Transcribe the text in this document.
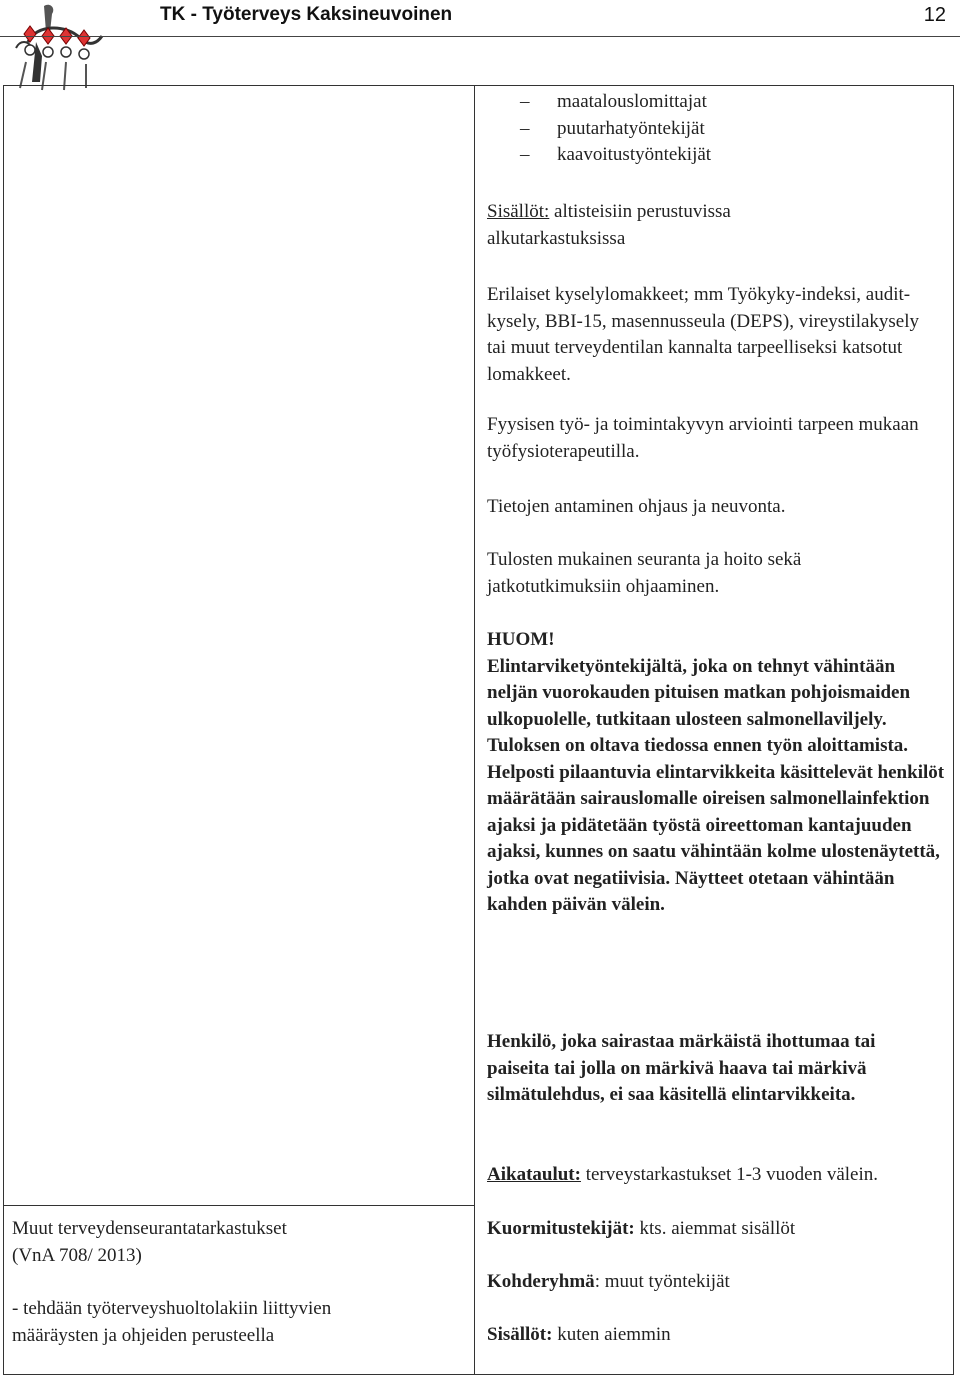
TK - Työterveys Kaksineuvoinen	12

– maatalouslomittajat

– puutarhatyöntekijät

– kaavoitustyöntekijät

Sisällöt: altisteisiin perustuvissa alkutarkastuksissa

Erilaiset kyselylomakkeet; mm Työkyky-indeksi, audit-kysely, BBI-15, masennusseula (DEPS), vireystilakysely tai muut terveydentilan kannalta tarpeelliseksi katsotut lomakkeet.

Fyysisen työ- ja toimintakyvyn arviointi tarpeen mukaan työfysioterapeutilla.

Tietojen antaminen ohjaus ja neuvonta.

Tulosten mukainen seuranta ja hoito sekä jatkotutkimuksiin ohjaaminen.

HUOM!

Elintarviketyöntekijältä, joka on tehnyt vähintään neljän vuorokauden pituisen matkan pohjoismaiden ulkopuolelle, tutkitaan ulosteen salmonellaviljely. Tuloksen on oltava tiedossa ennen työn aloittamista. Helposti pilaantuvia elintarvikkeita käsittelevät henkilöt määrätään sairauslomalle oireisen salmonellainfektion ajaksi ja pidätetään työstä oireettoman kantajuuden ajaksi, kunnes on saatu vähintään kolme ulostenäytettä, jotka ovat negatiivisia. Näytteet otetaan vähintään kahden päivän välein.

Henkilö, joka sairastaa märkäistä ihottumaa tai paiseita tai jolla on märkivä haava tai märkivä silmätulehdus, ei saa käsitellä elintarvikkeita.

Aikataulut: terveystarkastukset 1-3 vuoden välein.

Kuormitustekijät: kts. aiemmat sisällöt

Kohderyhmä: muut työntekijät

Sisällöt: kuten aiemmin

Muut terveydenseurantatarkastukset

(VnA 708/ 2013)

- tehdään työterveyshuoltolakiin liittyvien määräysten ja ohjeiden perusteella
